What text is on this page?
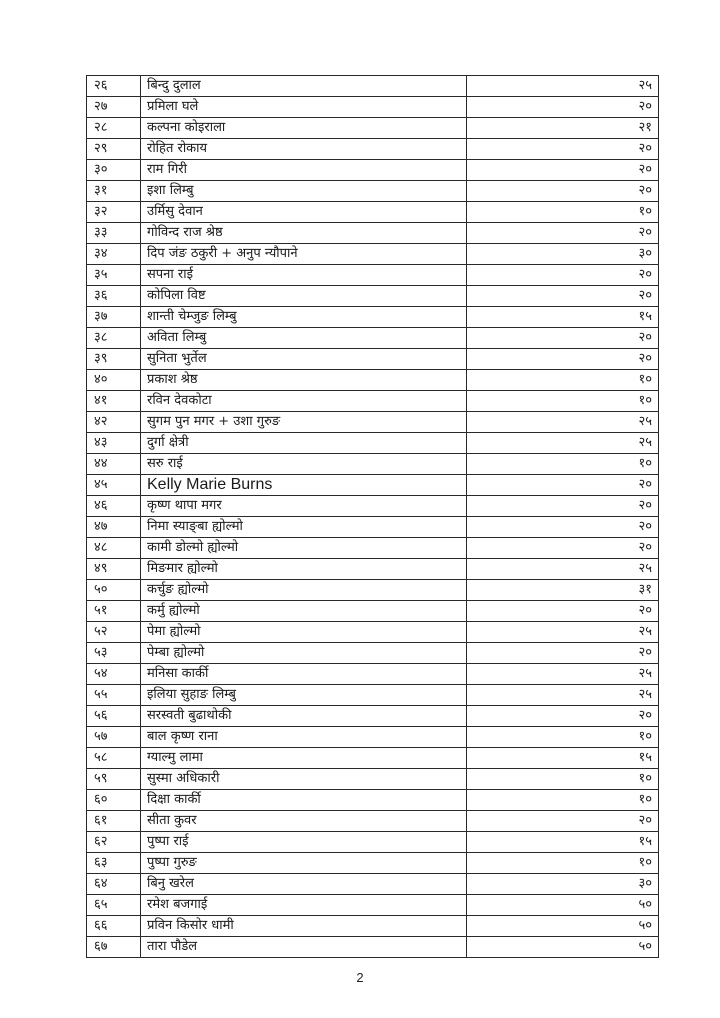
२६	बिन्दु दुलाल	२५
२७	प्रमिला घले	२०
२८	कल्पना कोइराला	२१
२९	रोहित रोकाय	२०
३०	राम गिरी	२०
३१	इशा लिम्बु	२०
३२	उर्मिसु देवान	१०
३३	गोविन्द राज श्रेष्ठ	२०
३४	दिप जंङ ठकुरी + अनुप न्यौपाने	३०
३५	सपना राई	२०
३६	कोपिला विष्ट	२०
३७	शान्ती चेम्जुङ लिम्बु	१५
३८	अविता लिम्बु	२०
३९	सुनिता भुर्तेल	२०
४०	प्रकाश श्रेष्ठ	१०
४१	रविन देवकोटा	१०
४२	सुगम पुन मगर + उशा गुरुङ	२५
४३	दुर्गा क्षेत्री	२५
४४	सरु राई	१०
४५	Kelly Marie Burns	२०
४६	कृष्ण थापा मगर	२०
४७	निमा स्याङ्बा ह्योल्मो	२०
४८	कामी डोल्मो ह्योल्मो	२०
४९	मिङमार ह्योल्मो	२५
५०	कर्चुङ ह्योल्मो	३१
५१	कर्मु ह्योल्मो	२०
५२	पेमा ह्योल्मो	२५
५३	पेम्बा ह्योल्मो	२०
५४	मनिसा कार्की	२५
५५	इलिया सुहाङ लिम्बु	२५
५६	सरस्वती बुढाथोकी	२०
५७	बाल कृष्ण राना	१०
५८	ग्याल्मु लामा	१५
५९	सुस्मा अधिकारी	१०
६०	दिक्षा कार्की	१०
६१	सीता कुवर	२०
६२	पुष्पा राई	१५
६३	पुष्पा गुरुङ	१०
६४	बिनु खरेल	३०
६५	रमेश बजगाई	५०
६६	प्रविन किसोर धामी	५०
६७	तारा पौडेल	५०
2
